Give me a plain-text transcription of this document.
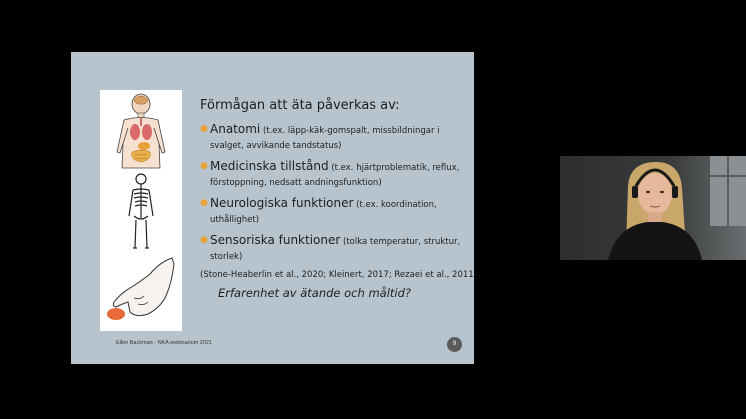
Förmågan att äta påverkas av:
● Anatomi (t.ex. läpp-käk-gomspalt, missbildningar i svalget, avvikande tandstatus)
● Medicinska tillstånd (t.ex. hjärtproblematik, reflux, förstoppning, nedsatt andningsfunktion)
● Neurologiska funktioner (t.ex. koordination, uthållighet)
● Sensoriska funktioner (tolka temperatur, struktur, storlek)
(Stone-Heaberlin et al., 2020; Kleinert, 2017; Rezaei et al., 2011
Erfarenhet av ätande och måltid?
Ellen Backman - NKA webinarium 2021	9
